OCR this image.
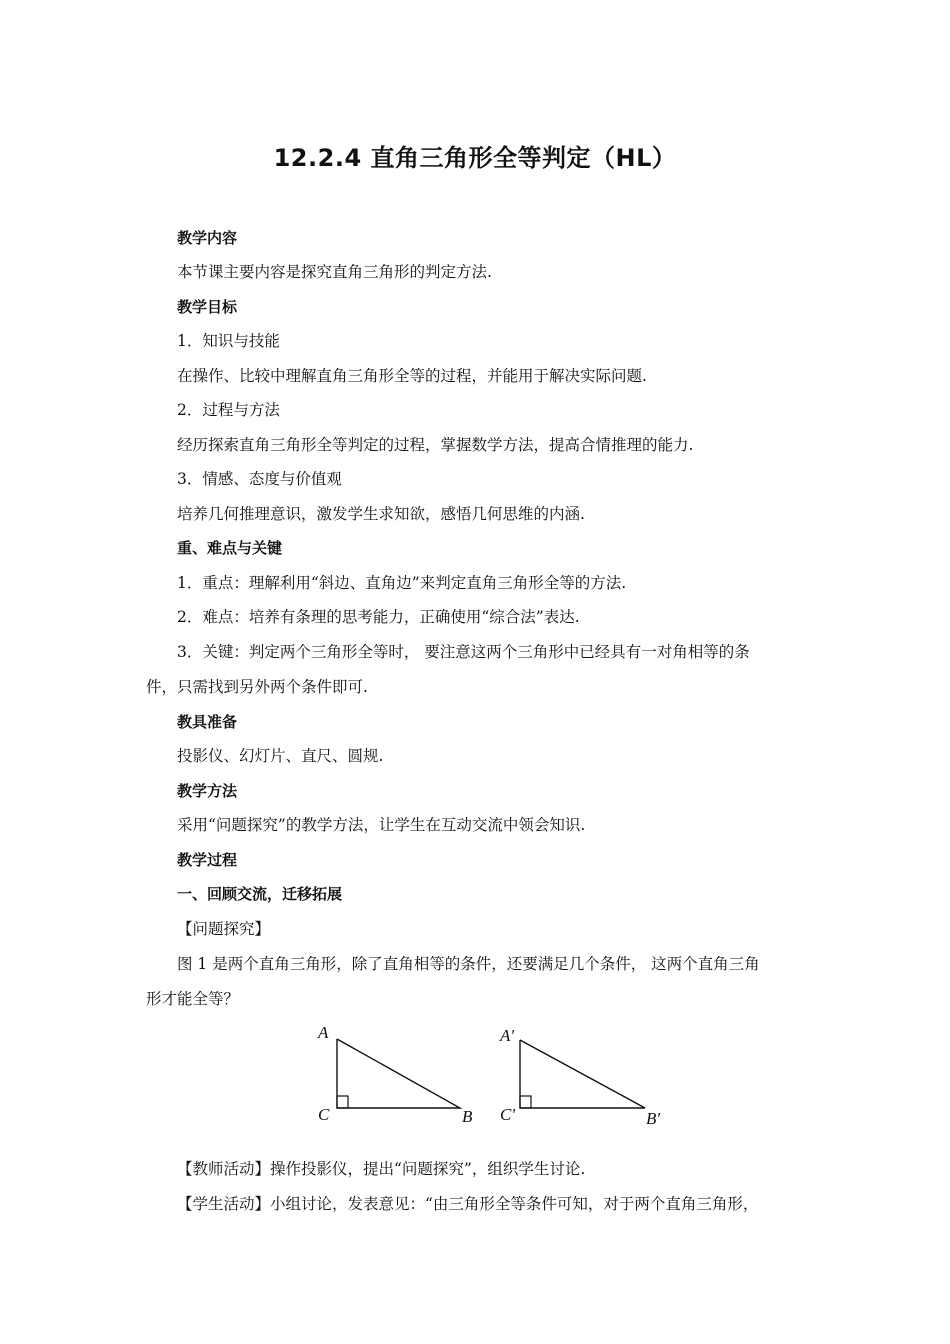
12.2.4 直角三角形全等判定（HL）
教学内容
本节课主要内容是探究直角三角形的判定方法.
教学目标
1．知识与技能
在操作、比较中理解直角三角形全等的过程，并能用于解决实际问题.
2．过程与方法
经历探索直角三角形全等判定的过程，掌握数学方法，提高合情推理的能力.
3．情感、态度与价值观
培养几何推理意识，激发学生求知欲，感悟几何思维的内涵.
重、难点与关键
1．重点：理解利用“斜边、直角边”来判定直角三角形全等的方法.
2．难点：培养有条理的思考能力，正确使用“综合法”表达.
3．关键：判定两个三角形全等时， 要注意这两个三角形中已经具有一对角相等的条
件，只需找到另外两个条件即可.
教具准备
投影仪、幻灯片、直尺、圆规.
教学方法
采用“问题探究”的教学方法，让学生在互动交流中领会知识.
教学过程
一、回顾交流，迁移拓展
【问题探究】
图 1 是两个直角三角形，除了直角相等的条件，还要满足几个条件， 这两个直角三角
形才能全等？
A
C	B
A'
C'	B'
【教师活动】操作投影仪，提出“问题探究”，组织学生讨论.
【学生活动】小组讨论，发表意见：“由三角形全等条件可知，对于两个直角三角形，
